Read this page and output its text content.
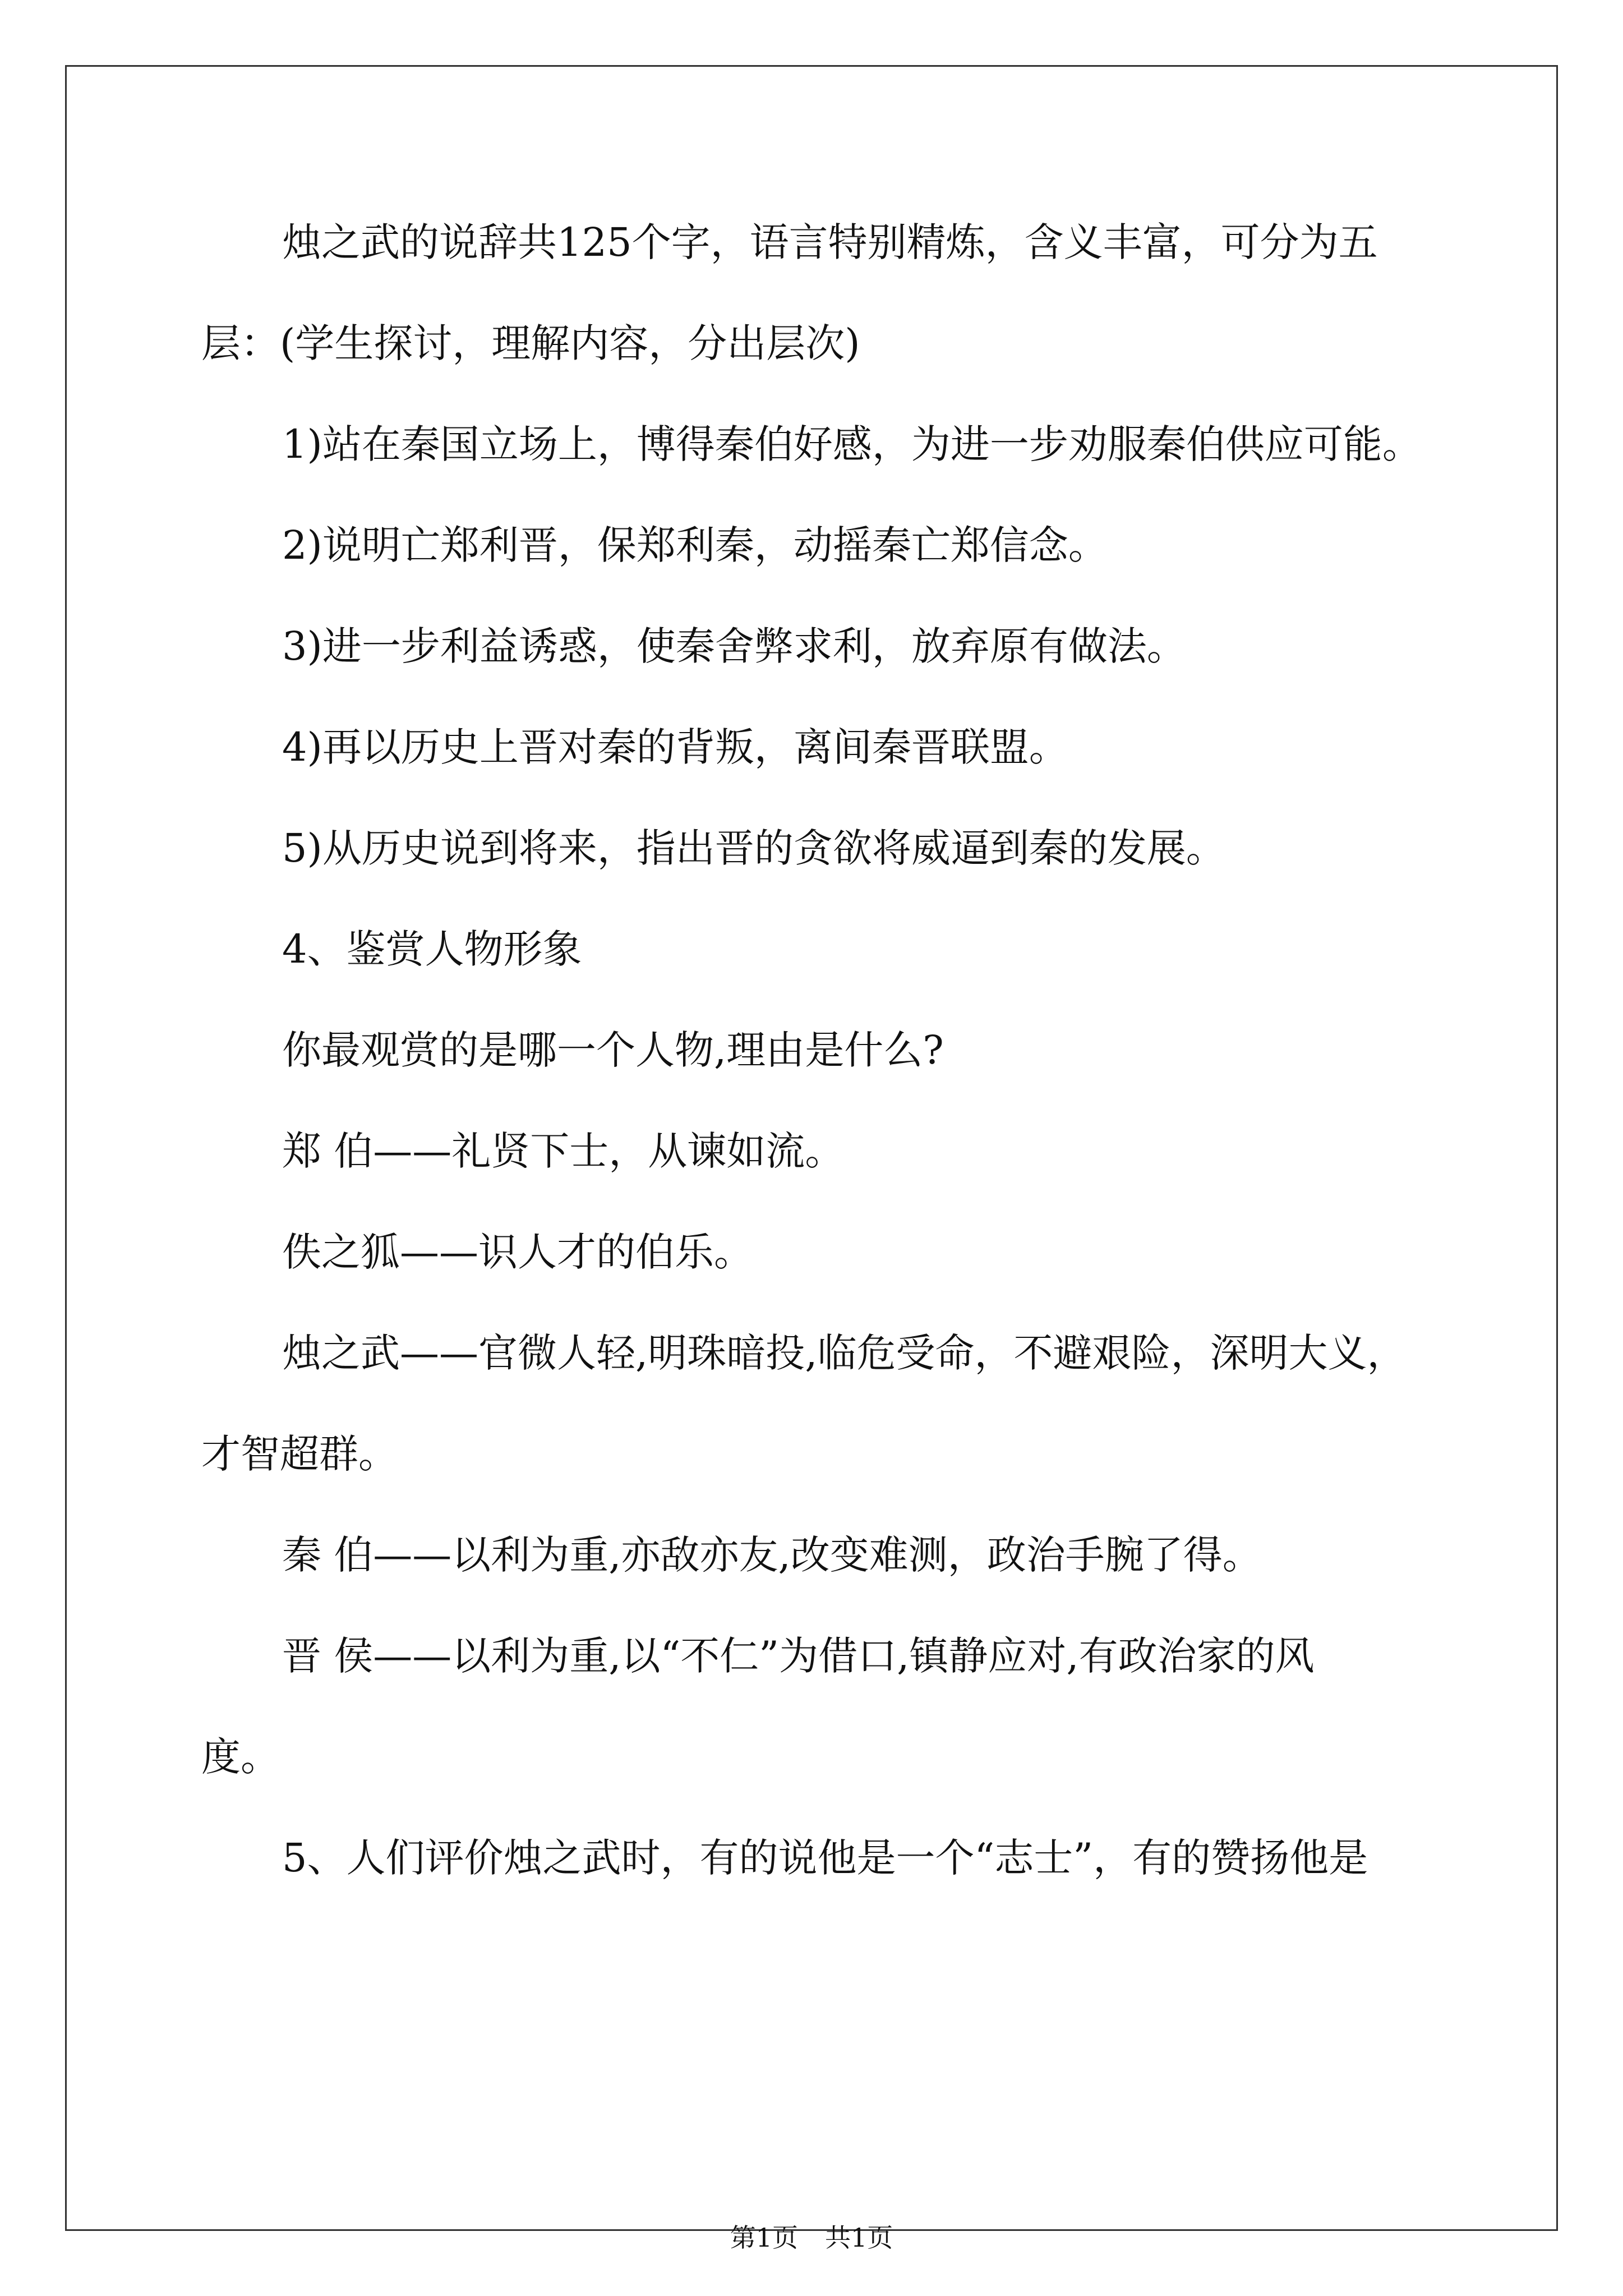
烛之武的说辞共125个字，语言特别精炼，含义丰富，可分为五
层：(学生探讨，理解内容，分出层次)
1)站在秦国立场上，博得秦伯好感，为进一步劝服秦伯供应可能。
2)说明亡郑利晋，保郑利秦，动摇秦亡郑信念。
3)进一步利益诱惑，使秦舍弊求利，放弃原有做法。
4)再以历史上晋对秦的背叛，离间秦晋联盟。
5)从历史说到将来，指出晋的贪欲将威逼到秦的发展。
4、鉴赏人物形象
你最观赏的是哪一个人物,理由是什么?
郑 伯——礼贤下士，从谏如流。
佚之狐——识人才的伯乐。
烛之武——官微人轻,明珠暗投,临危受命，不避艰险，深明大义，
才智超群。
秦 伯——以利为重,亦敌亦友,改变难测，政治手腕了得。
晋 侯——以利为重,以“不仁”为借口,镇静应对,有政治家的风
度。
5、人们评价烛之武时，有的说他是一个“志士”，有的赞扬他是
第1页 共1页
